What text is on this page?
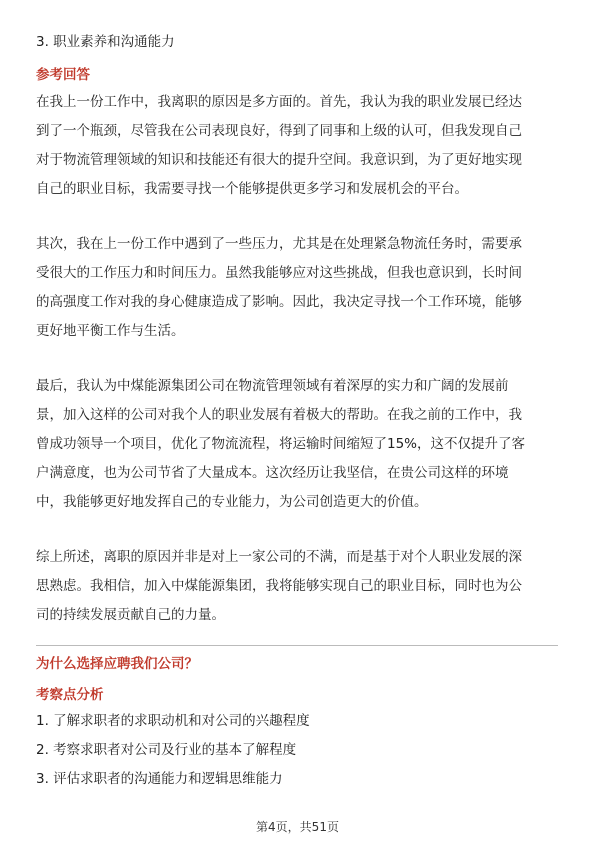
3. 职业素养和沟通能力
参考回答
在我上一份工作中，我离职的原因是多方面的。首先，我认为我的职业发展已经达
到了一个瓶颈，尽管我在公司表现良好，得到了同事和上级的认可，但我发现自己
对于物流管理领域的知识和技能还有很大的提升空间。我意识到，为了更好地实现
自己的职业目标，我需要寻找一个能够提供更多学习和发展机会的平台。
其次，我在上一份工作中遇到了一些压力，尤其是在处理紧急物流任务时，需要承
受很大的工作压力和时间压力。虽然我能够应对这些挑战，但我也意识到，长时间
的高强度工作对我的身心健康造成了影响。因此，我决定寻找一个工作环境，能够
更好地平衡工作与生活。
最后，我认为中煤能源集团公司在物流管理领域有着深厚的实力和广阔的发展前
景，加入这样的公司对我个人的职业发展有着极大的帮助。在我之前的工作中，我
曾成功领导一个项目，优化了物流流程，将运输时间缩短了15%，这不仅提升了客
户满意度，也为公司节省了大量成本。这次经历让我坚信，在贵公司这样的环境
中，我能够更好地发挥自己的专业能力，为公司创造更大的价值。
综上所述，离职的原因并非是对上一家公司的不满，而是基于对个人职业发展的深
思熟虑。我相信，加入中煤能源集团，我将能够实现自己的职业目标，同时也为公
司的持续发展贡献自己的力量。
为什么选择应聘我们公司？
考察点分析
1. 了解求职者的求职动机和对公司的兴趣程度
2. 考察求职者对公司及行业的基本了解程度
3. 评估求职者的沟通能力和逻辑思维能力
第4页，共51页
